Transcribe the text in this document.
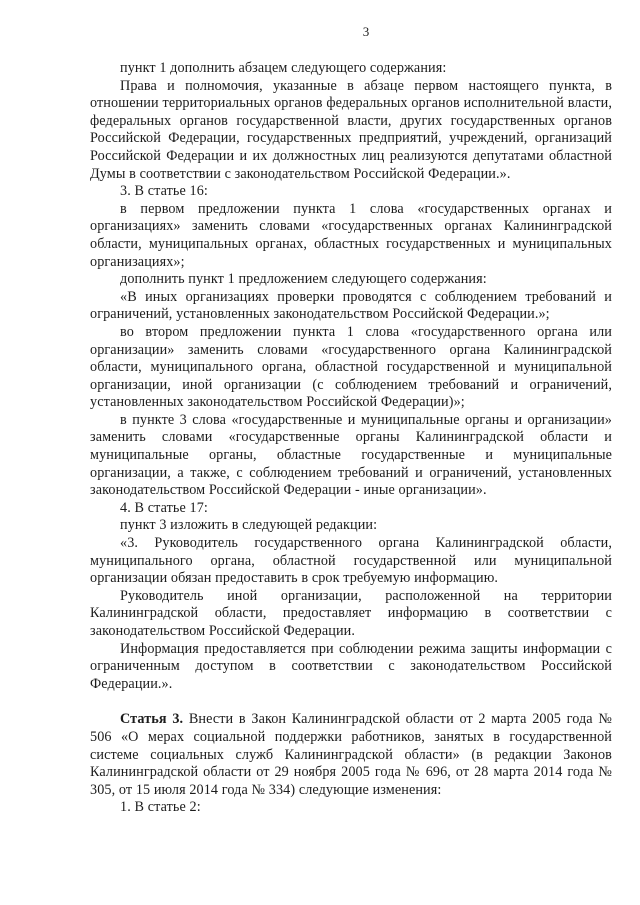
3

пункт 1 дополнить абзацем следующего содержания:

Права и полномочия, указанные в абзаце первом настоящего пункта, в отношении территориальных органов федеральных органов исполнительной власти, федеральных органов государственной власти, других государственных органов Российской Федерации, государственных предприятий, учреждений, организаций Российской Федерации и их должностных лиц реализуются депутатами областной Думы в соответствии с законодательством Российской Федерации.».

3. В статье 16:

в первом предложении пункта 1 слова «государственных органах и организациях» заменить словами «государственных органах Калининградской области, муниципальных органах, областных государственных и муниципальных организациях»;

дополнить пункт 1 предложением следующего содержания:

«В иных организациях проверки проводятся с соблюдением требований и ограничений, установленных законодательством Российской Федерации.»;

во втором предложении пункта 1 слова «государственного органа или организации» заменить словами «государственного органа Калининградской области, муниципального органа, областной государственной и муниципальной организации, иной организации (с соблюдением требований и ограничений, установленных законодательством Российской Федерации)»;

в пункте 3 слова «государственные и муниципальные органы и организации» заменить словами «государственные органы Калининградской области и муниципальные органы, областные государственные и муниципальные организации, а также, с соблюдением требований и ограничений, установленных законодательством Российской Федерации - иные организации».

4. В статье 17:

пункт 3 изложить в следующей редакции:

«3. Руководитель государственного органа Калининградской области, муниципального органа, областной государственной или муниципальной организации обязан предоставить в срок требуемую информацию.

Руководитель иной организации, расположенной на территории Калининградской области, предоставляет информацию в соответствии с законодательством Российской Федерации.

Информация предоставляется при соблюдении режима защиты информации с ограниченным доступом в соответствии с законодательством Российской Федерации.».

Статья 3. Внести в Закон Калининградской области от 2 марта 2005 года № 506 «О мерах социальной поддержки работников, занятых в государственной системе социальных служб Калининградской области» (в редакции Законов Калининградской области от 29 ноября 2005 года № 696, от 28 марта 2014 года № 305, от 15 июля 2014 года № 334) следующие изменения:

1. В статье 2:
